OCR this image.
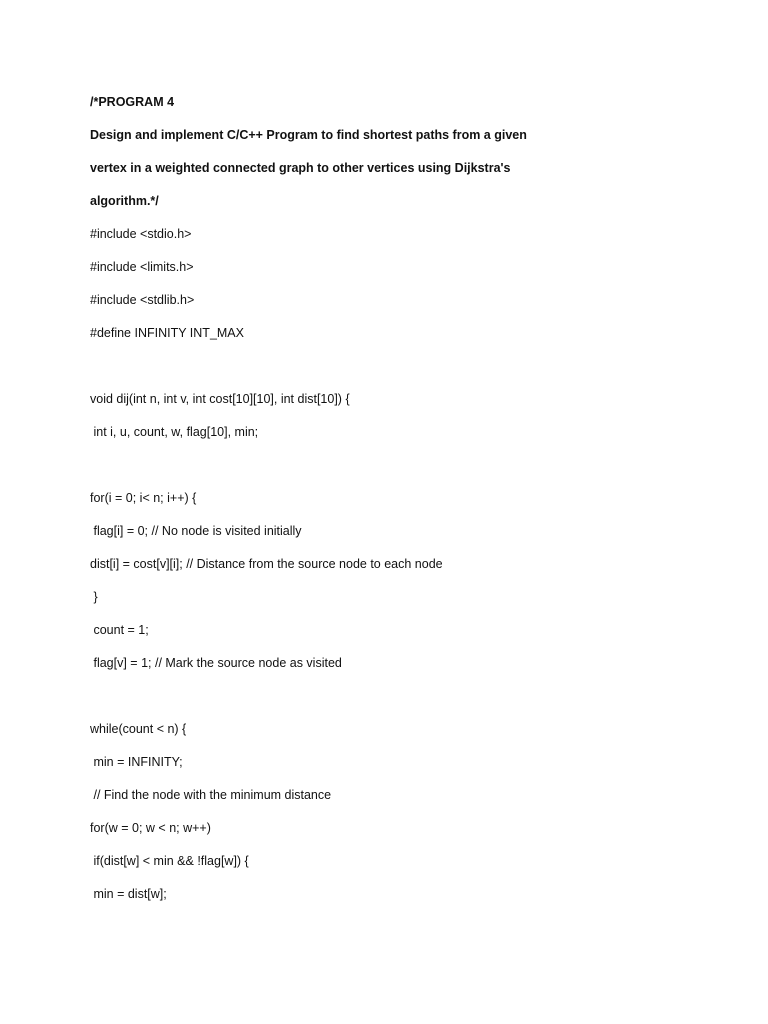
/*PROGRAM 4

Design and implement C/C++ Program to find shortest paths from a given

vertex in a weighted connected graph to other vertices using Dijkstra's

algorithm.*/

#include <stdio.h>

#include <limits.h>

#include <stdlib.h>

#define INFINITY INT_MAX

void dij(int n, int v, int cost[10][10], int dist[10]) {

int i, u, count, w, flag[10], min;

for(i = 0; i< n; i++) {

flag[i] = 0; // No node is visited initially

dist[i] = cost[v][i]; // Distance from the source node to each node

}

count = 1;

flag[v] = 1; // Mark the source node as visited

while(count < n) {

min = INFINITY;

// Find the node with the minimum distance

for(w = 0; w < n; w++)

if(dist[w] < min && !flag[w]) {

min = dist[w];
